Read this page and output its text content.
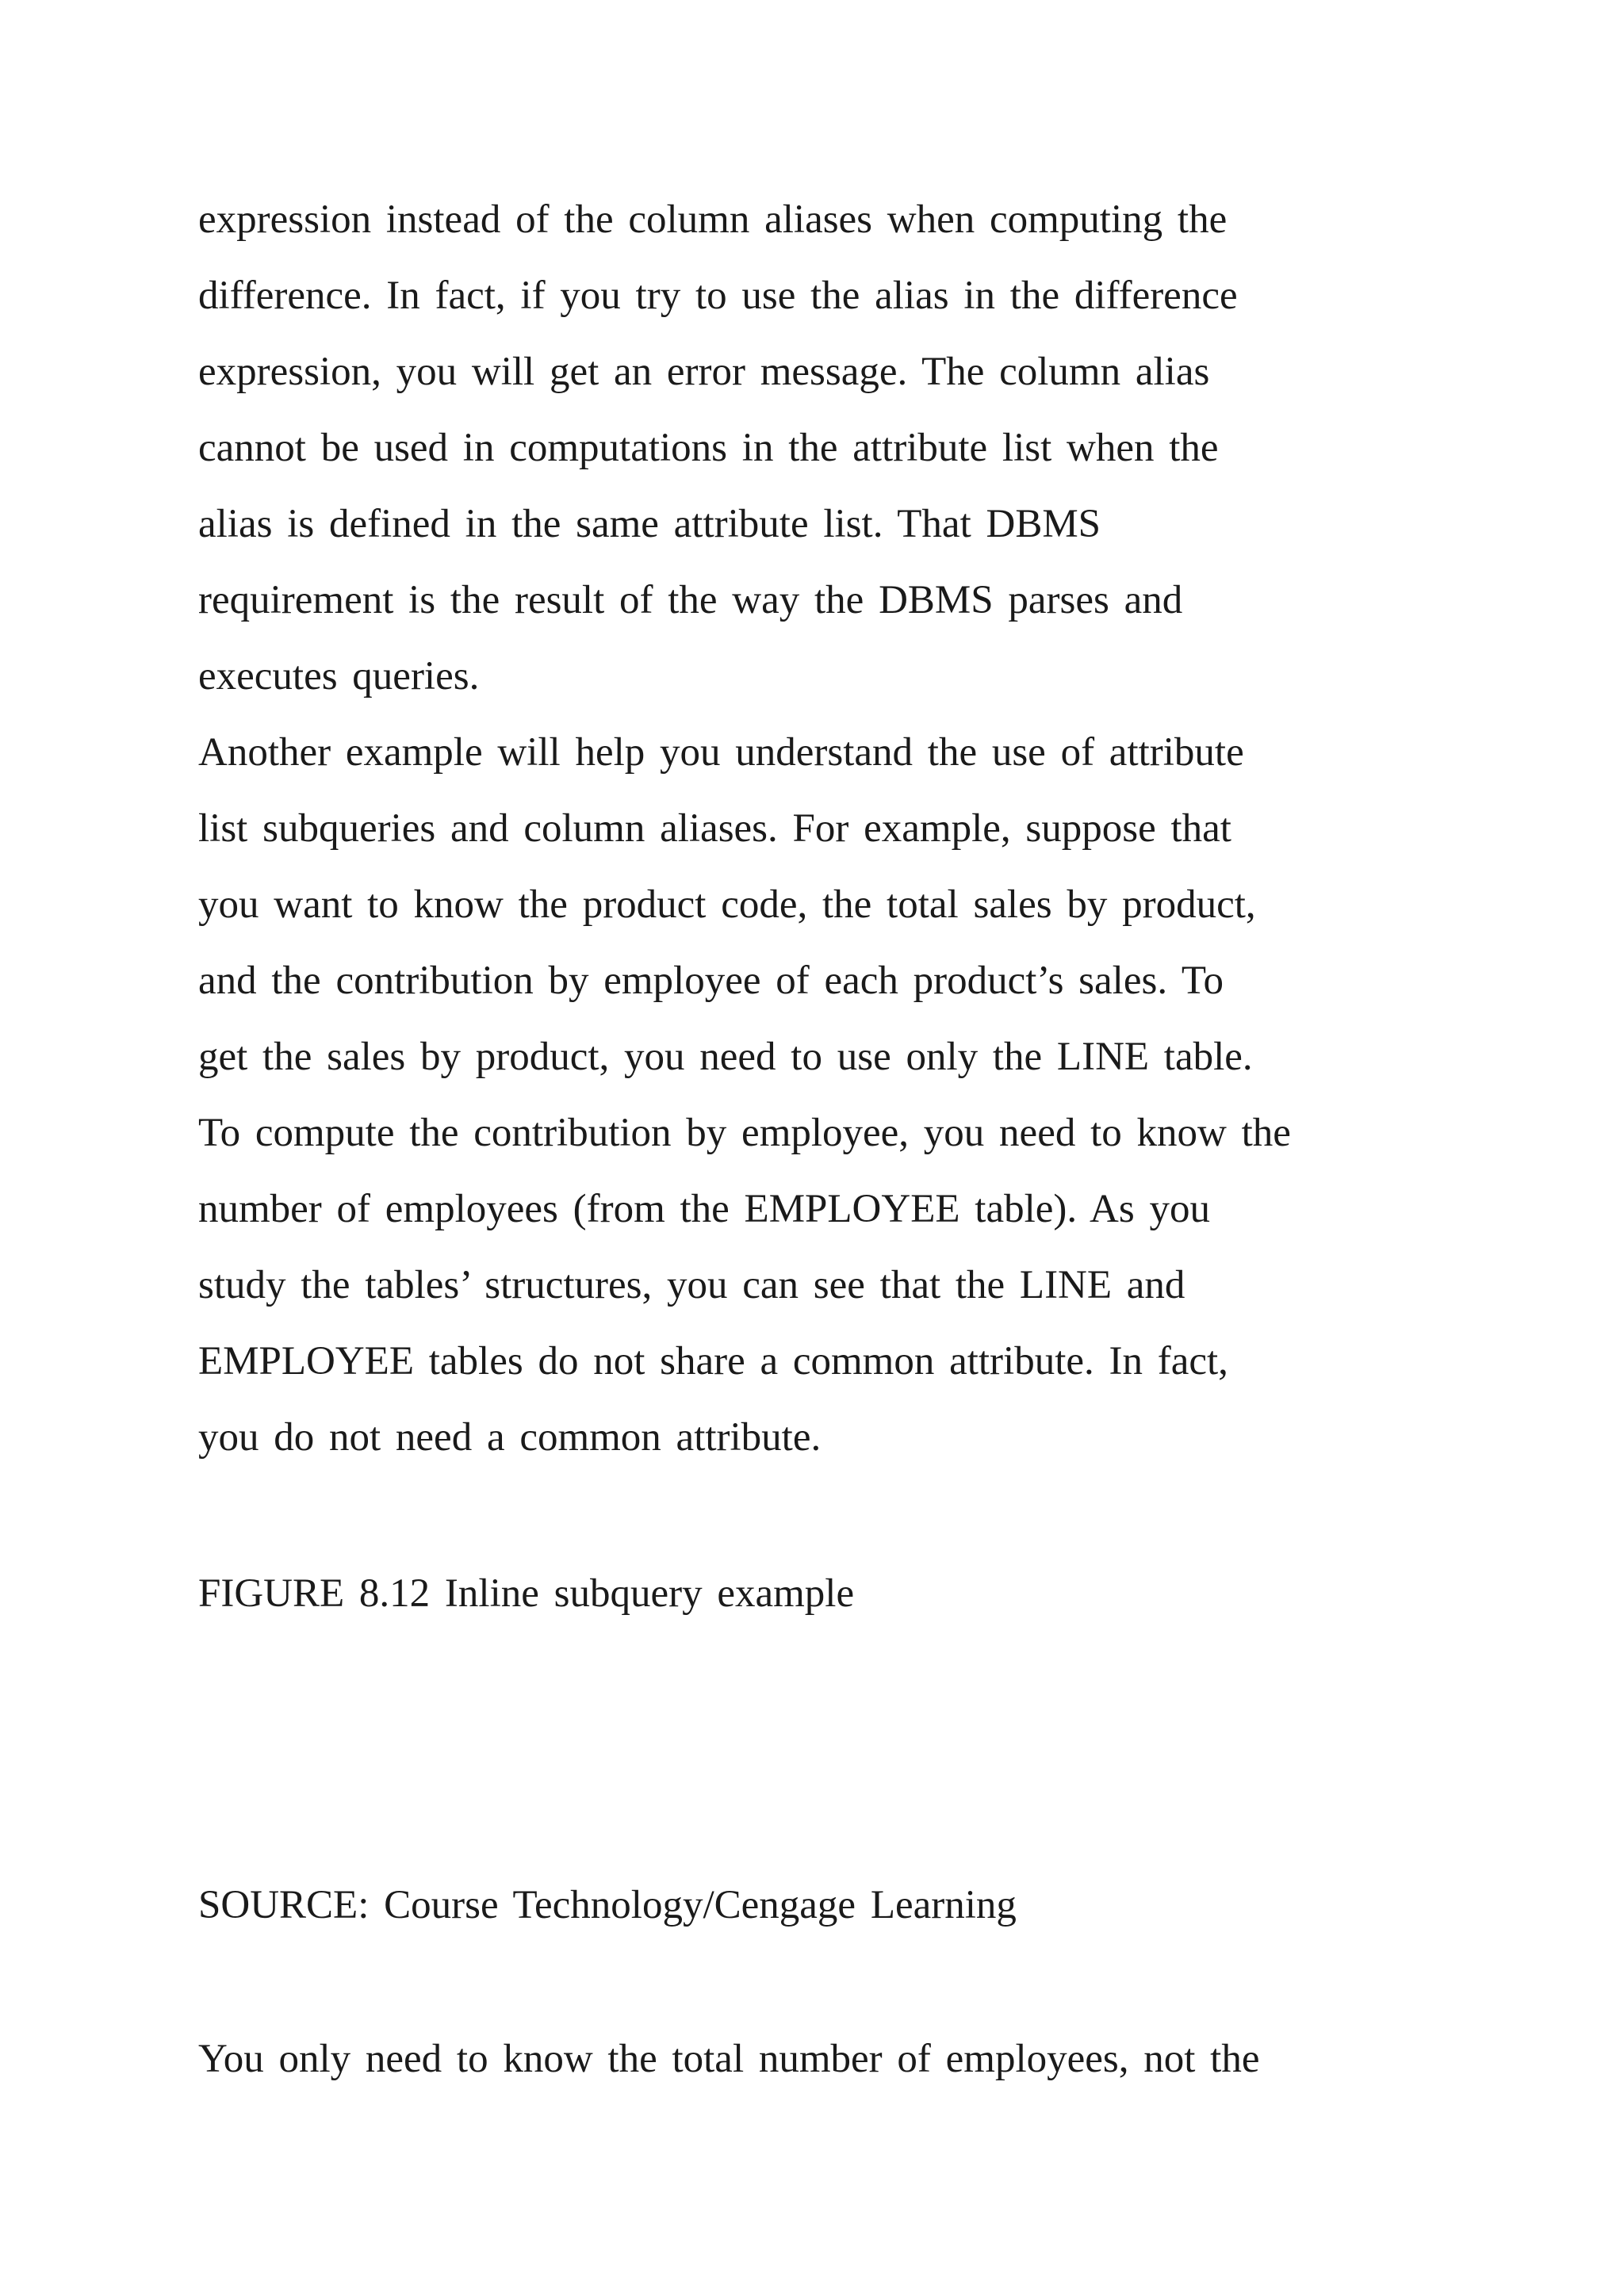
expression instead of the column aliases when computing the
difference. In fact, if you try to use the alias in the difference
expression, you will get an error message. The column alias
cannot be used in computations in the attribute list when the
alias is defined in the same attribute list. That DBMS
requirement is the result of the way the DBMS parses and
executes queries.
Another example will help you understand the use of attribute
list subqueries and column aliases. For example, suppose that
you want to know the product code, the total sales by product,
and the contribution by employee of each product’s sales. To
get the sales by product, you need to use only the LINE table.
To compute the contribution by employee, you need to know the
number of employees (from the EMPLOYEE table). As you
study the tables’ structures, you can see that the LINE and
EMPLOYEE tables do not share a common attribute. In fact,
you do not need a common attribute.
FIGURE 8.12 Inline subquery example
SOURCE: Course Technology/Cengage Learning
You only need to know the total number of employees, not the
